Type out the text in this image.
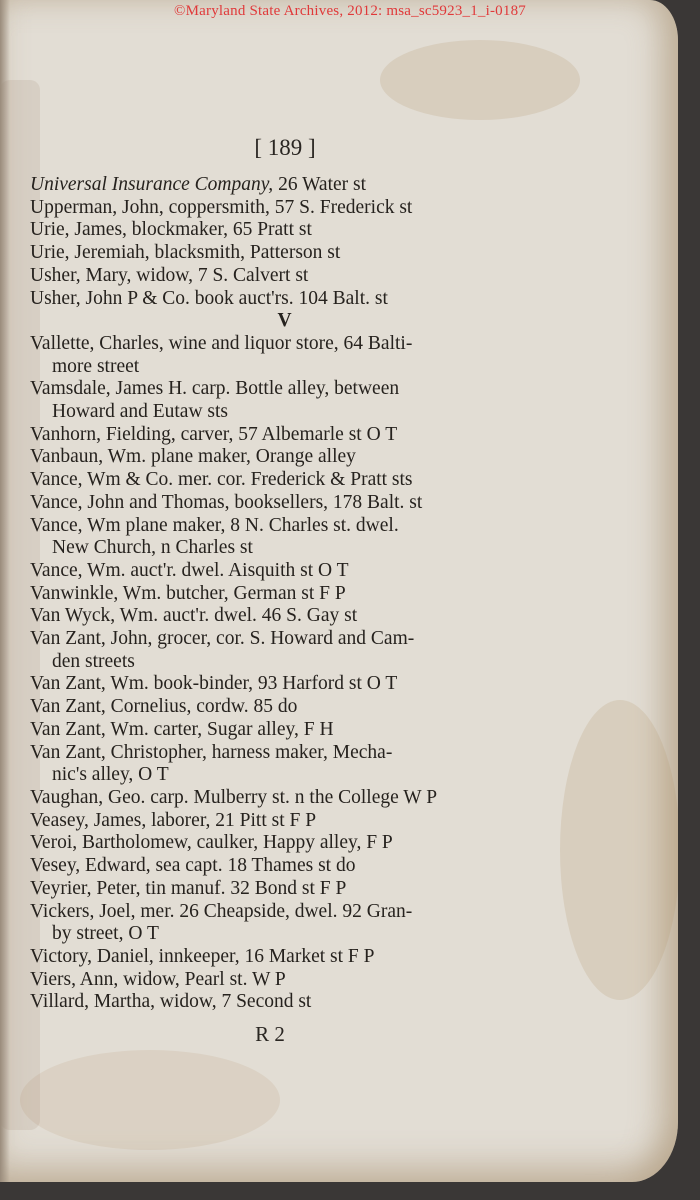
[ 189 ]
Universal Insurance Company, 26 Water st
Upperman, John, coppersmith, 57 S. Frederick st
Urie, James, blockmaker, 65 Pratt st
Urie, Jeremiah, blacksmith, Patterson st
Usher, Mary, widow, 7 S. Calvert st
Usher, John P & Co. book auct'rs. 104 Balt. st
V
Vallette, Charles, wine and liquor store, 64 Balti-
more street
Vamsdale, James H. carp. Bottle alley, between
Howard and Eutaw sts
Vanhorn, Fielding, carver, 57 Albemarle st O T
Vanbaun, Wm. plane maker, Orange alley
Vance, Wm & Co. mer. cor. Frederick & Pratt sts
Vance, John and Thomas, booksellers, 178 Balt. st
Vance, Wm plane maker, 8 N. Charles st. dwel.
New Church, n Charles st
Vance, Wm. auct'r. dwel. Aisquith st O T
Vanwinkle, Wm. butcher, German st F P
Van Wyck, Wm. auct'r. dwel. 46 S. Gay st
Van Zant, John, grocer, cor. S. Howard and Cam-
den streets
Van Zant, Wm. book-binder, 93 Harford st O T
Van Zant, Cornelius, cordw. 85 do
Van Zant, Wm. carter, Sugar alley, F H
Van Zant, Christopher, harness maker, Mecha-
nic's alley, O T
Vaughan, Geo. carp. Mulberry st. n the College W P
Veasey, James, laborer, 21 Pitt st F P
Veroi, Bartholomew, caulker, Happy alley, F P
Vesey, Edward, sea capt. 18 Thames st do
Veyrier, Peter, tin manuf. 32 Bond st F P
Vickers, Joel, mer. 26 Cheapside, dwel. 92 Gran-
by street, O T
Victory, Daniel, innkeeper, 16 Market st F P
Viers, Ann, widow, Pearl st. W P
Villard, Martha, widow, 7 Second st
R 2
©Maryland State Archives, 2012: msa_sc5923_1_i-0187
